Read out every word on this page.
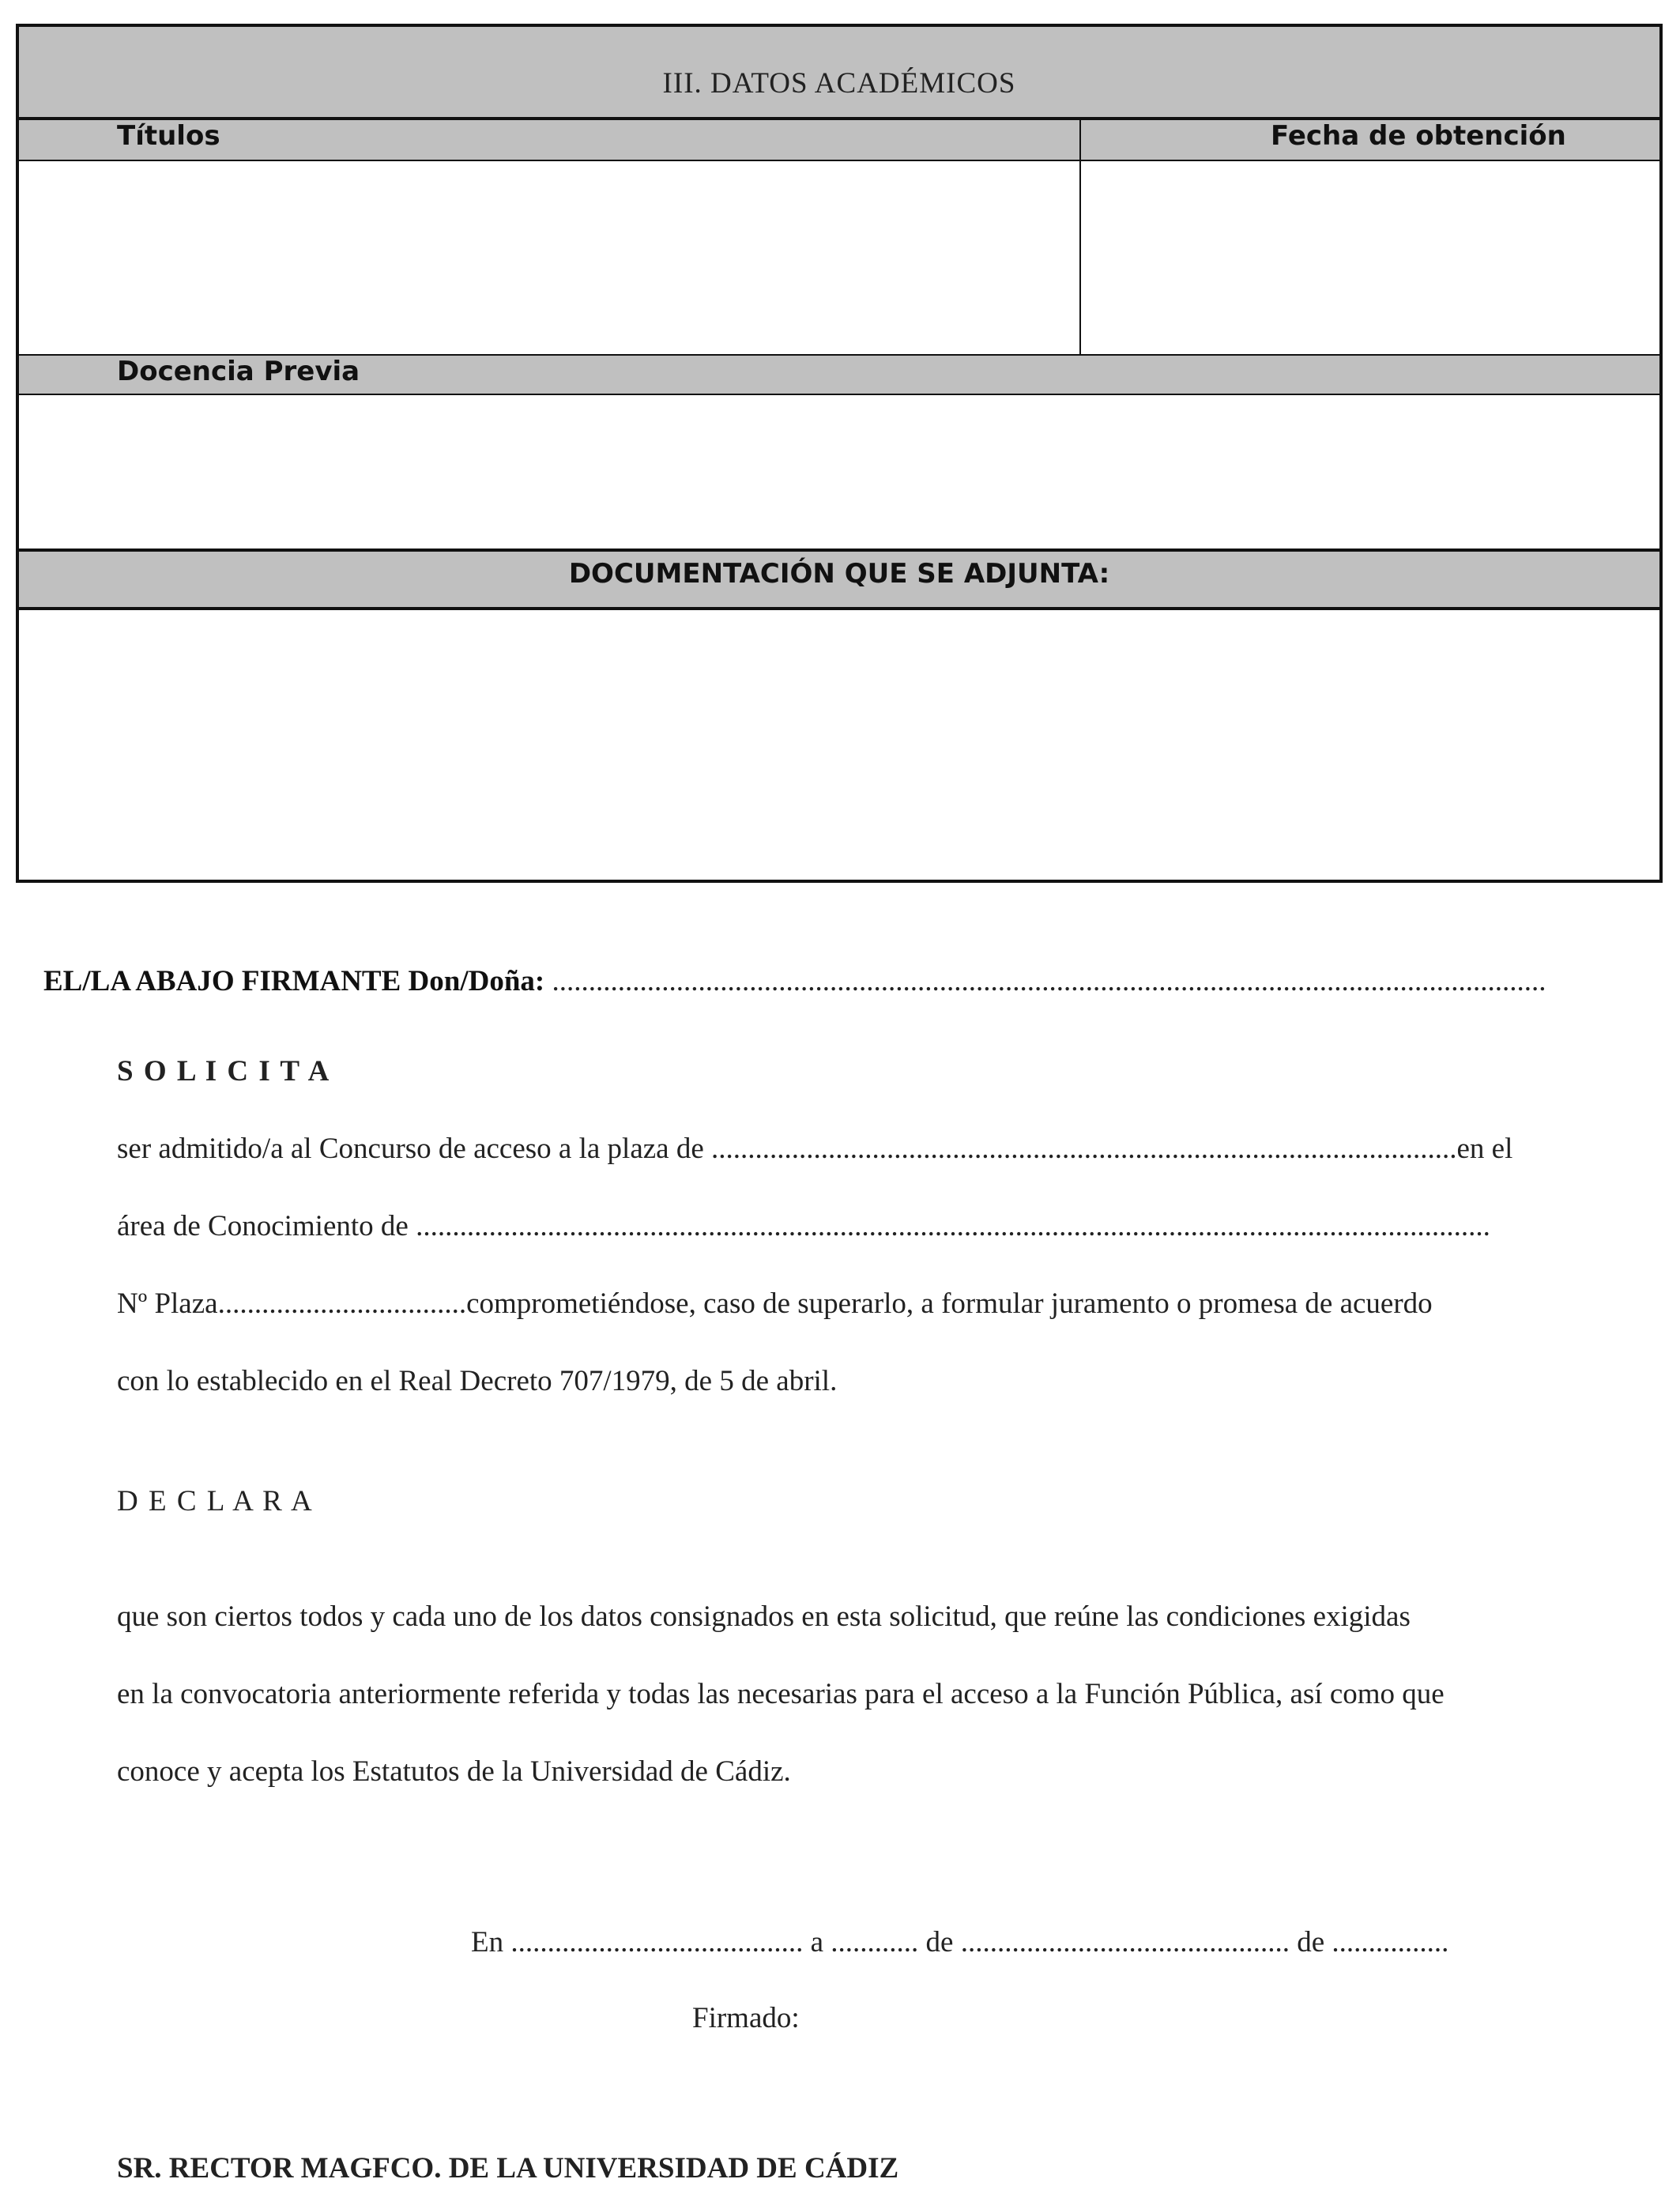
III. DATOS ACADÉMICOS
Títulos	Fecha de obtención
Docencia Previa
DOCUMENTACIÓN QUE SE ADJUNTA:
EL/LA ABAJO FIRMANTE Don/Doña: ........................................................................................................................................
S O L I C I T A
ser admitido/a al Concurso de acceso a la plaza de ......................................................................................................en el
área de Conocimiento de ...................................................................................................................................................
Nº Plaza..................................comprometiéndose, caso de superarlo, a formular juramento o promesa de acuerdo
con lo establecido en el Real Decreto 707/1979, de 5 de abril.
D E C L A R A
que son ciertos todos y cada uno de los datos consignados en esta solicitud, que reúne las condiciones exigidas
en la convocatoria anteriormente referida y todas las necesarias para el acceso a la Función Pública, así como que
conoce y acepta los Estatutos de la Universidad de Cádiz.
En ........................................ a ............ de ............................................. de ................
Firmado:
SR. RECTOR MAGFCO. DE LA UNIVERSIDAD DE CÁDIZ
